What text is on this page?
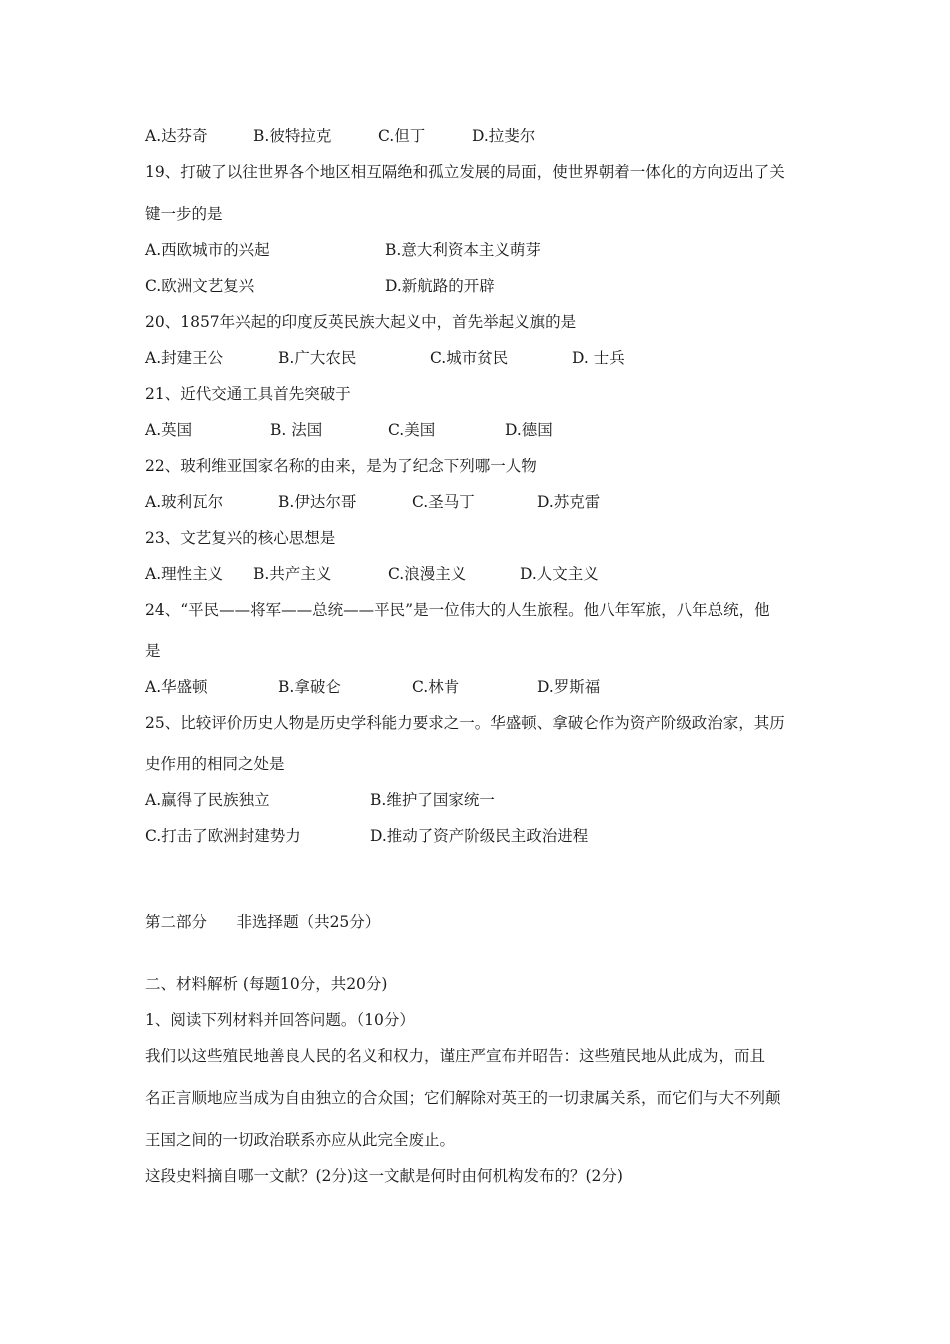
A.达芬奇	B.彼特拉克	C.但丁	D.拉斐尔
19、打破了以往世界各个地区相互隔绝和孤立发展的局面，使世界朝着一体化的方向迈出了关
键一步的是
A.西欧城市的兴起	B.意大利资本主义萌芽
C.欧洲文艺复兴	D.新航路的开辟
20、1857年兴起的印度反英民族大起义中，首先举起义旗的是
A.封建王公	B.广大农民	C.城市贫民	D. 士兵
21、近代交通工具首先突破于
A.英国	B. 法国	C.美国	D.德国
22、玻利维亚国家名称的由来，是为了纪念下列哪一人物
A.玻利瓦尔	B.伊达尔哥	C.圣马丁	D.苏克雷
23、文艺复兴的核心思想是
A.理性主义 B.共产主义	C.浪漫主义	D.人文主义
24、“平民——将军——总统——平民”是一位伟大的人生旅程。他八年军旅，八年总统，他
是
A.华盛顿	B.拿破仑	C.林肯	D.罗斯福
25、比较评价历史人物是历史学科能力要求之一。华盛顿、拿破仑作为资产阶级政治家，其历
史作用的相同之处是
A.赢得了民族独立	B.维护了国家统一
C.打击了欧洲封建势力	D.推动了资产阶级民主政治进程
第二部分      非选择题（共25分）
二、材料解析 (每题10分，共20分)
1、阅读下列材料并回答问题。（10分）
我们以这些殖民地善良人民的名义和权力，谨庄严宣布并昭告：这些殖民地从此成为，而且
名正言顺地应当成为自由独立的合众国；它们解除对英王的一切隶属关系，而它们与大不列颠
王国之间的一切政治联系亦应从此完全废止。
这段史料摘自哪一文献？(2分)这一文献是何时由何机构发布的？(2分)
